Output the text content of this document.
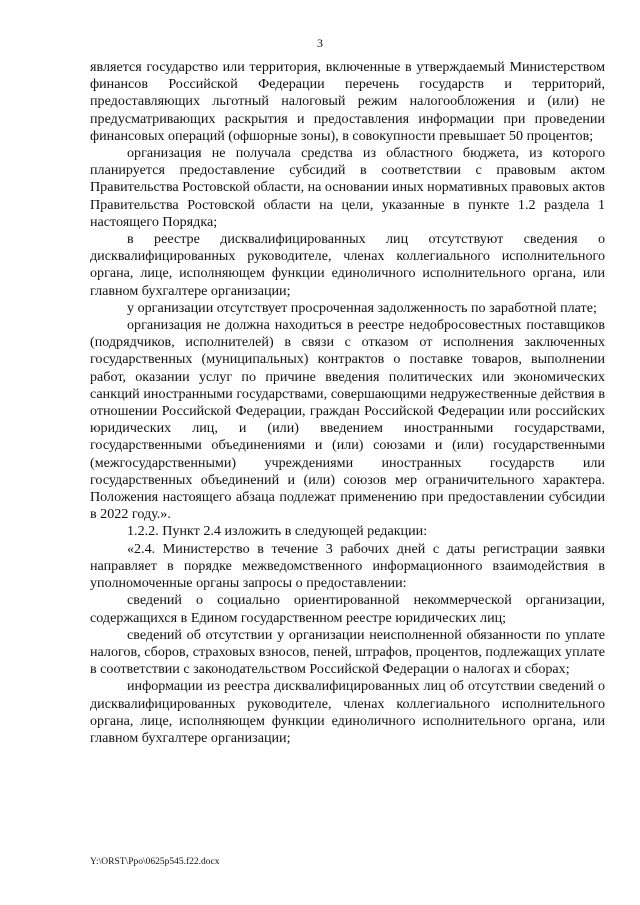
3

является государство или территория, включенные в утверждаемый Министерством финансов Российской Федерации перечень государств и территорий, предоставляющих льготный налоговый режим налогообложения и (или) не предусматривающих раскрытия и предоставления информации при проведении финансовых операций (офшорные зоны), в совокупности превышает 50 процентов;

организация не получала средства из областного бюджета, из которого планируется предоставление субсидий в соответствии с правовым актом Правительства Ростовской области, на основании иных нормативных правовых актов Правительства Ростовской области на цели, указанные в пункте 1.2 раздела 1 настоящего Порядка;

в реестре дисквалифицированных лиц отсутствуют сведения о дисквалифицированных руководителе, членах коллегиального исполнительного органа, лице, исполняющем функции единоличного исполнительного органа, или главном бухгалтере организации;

у организации отсутствует просроченная задолженность по заработной плате;

организация не должна находиться в реестре недобросовестных поставщиков (подрядчиков, исполнителей) в связи с отказом от исполнения заключенных государственных (муниципальных) контрактов о поставке товаров, выполнении работ, оказании услуг по причине введения политических или экономических санкций иностранными государствами, совершающими недружественные действия в отношении Российской Федерации, граждан Российской Федерации или российских юридических лиц, и (или) введением иностранными государствами, государственными объединениями и (или) союзами и (или) государственными (межгосударственными) учреждениями иностранных государств или государственных объединений и (или) союзов мер ограничительного характера. Положения настоящего абзаца подлежат применению при предоставлении субсидии в 2022 году.».

1.2.2. Пункт 2.4 изложить в следующей редакции:

«2.4. Министерство в течение 3 рабочих дней с даты регистрации заявки направляет в порядке межведомственного информационного взаимодействия в уполномоченные органы запросы о предоставлении:

сведений о социально ориентированной некоммерческой организации, содержащихся в Едином государственном реестре юридических лиц;

сведений об отсутствии у организации неисполненной обязанности по уплате налогов, сборов, страховых взносов, пеней, штрафов, процентов, подлежащих уплате в соответствии с законодательством Российской Федерации о налогах и сборах;

информации из реестра дисквалифицированных лиц об отсутствии сведений о дисквалифицированных руководителе, членах коллегиального исполнительного органа, лице, исполняющем функции единоличного исполнительного органа, или главном бухгалтере организации;

Y:\ORST\Ppo\0625p545.f22.docx
